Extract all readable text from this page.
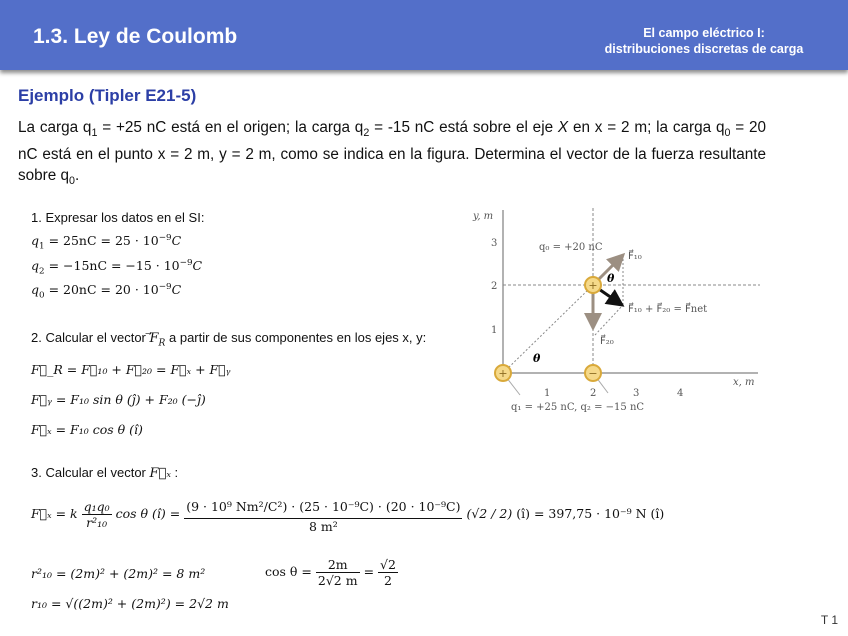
1.3. Ley de Coulomb	El campo eléctrico I:
distribuciones discretas de carga
Ejemplo (Tipler E21-5)
La carga $q_1 = +25$ nC está en el origen; la carga $q_2 = -15$ nC está sobre el eje X en x = 2 m; la carga $q_0 = 20$ nC está en el punto x = 2 m, y = 2 m, como se indica en la figura. Determina el vector de la fuerza resultante sobre $q_0$.
1. Expresar los datos en el SI:
$q_1 = 25nC = 25 \cdot 10^{-9}C$
$q_2 = -15nC = -15 \cdot 10^{-9}C$
$q_0 = 20nC = 20 \cdot 10^{-9}C$
2. Calcular el vector $F_R$ a partir de sus componentes en los ejes x, y:
F⃗_R = F⃗₁₀ + F⃗₂₀ = F⃗ₓ + F⃗ᵧ
F⃗ᵧ = F₁₀ sin θ (ĵ) + F₂₀ (−ĵ)
F⃗ₓ = F₁₀ cos θ (î)
3. Calcular el vector F⃗ₓ :
F⃗ₓ = k $\frac{\text{q₁q₀}}{\text{r²₁₀}}$ cos θ (î) = $\frac{\text{(9 · 10⁹ Nm²/C²) · (25 · 10⁻⁹C) · (20 · 10⁻⁹C)}}{\text{8 m²}} (√2 / 2)$ (î) = 397,75 · 10⁻⁹ N (î)
r²₁₀ = (2m)² + (2m)² = 8 m²
r₁₀ = √((2m)² + (2m)²) = 2√2 m
$\cos \theta = \frac{2m}{2√2 m} = \frac{√2}{2}$
y, m
x, m
1	2	3	4
1
2
3	q₀ = +20 nC
q₁ = +25 nC, q₂ = −15 nC
F⃗₁₀
F⃗₁₀ + F⃗₂₀ = F⃗net
F⃗₂₀
θ
θ
+	−
+
T 1
